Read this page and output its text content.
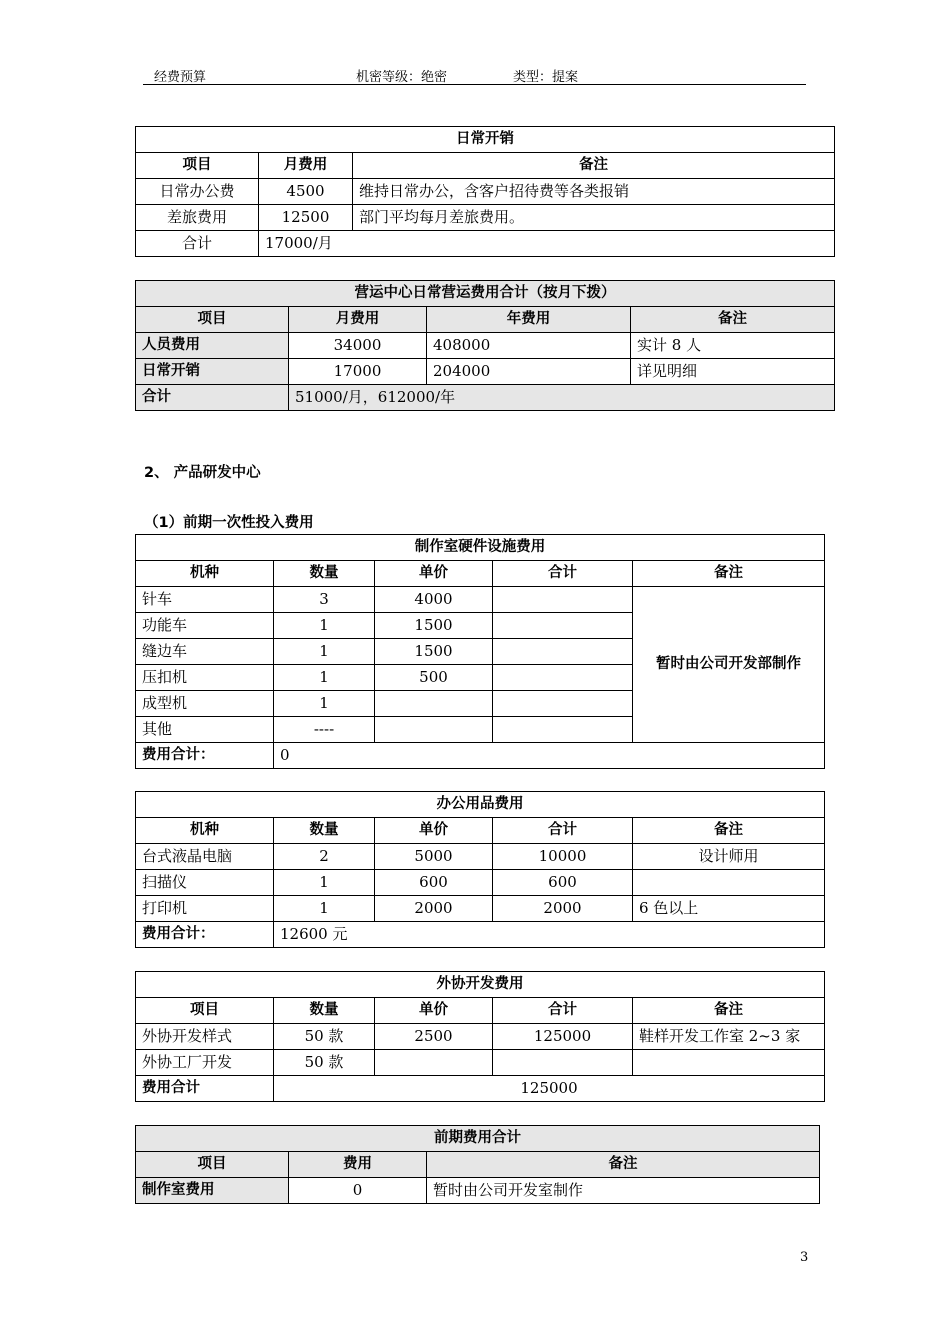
经费预算	机密等级：绝密	类型：提案
日常开销		
项目	月费用	备注
日常办公费	4500	维持日常办公，含客户招待费等各类报销
差旅费用	12500	部门平均每月差旅费用。
合计	17000/月	
营运中心日常营运费用合计（按月下拨）			
项目	月费用	年费用	备注
人员费用	34000	408000	实计 8 人
日常开销	17000	204000	详见明细
合计	51000/月，612000/年		
2、 产品研发中心
（1）前期一次性投入费用
制作室硬件设施费用				
机种	数量	单价	合计	备注
针车	3	4000		暂时由公司开发部制作
功能车	1	1500		
缝边车	1	1500		
压扣机	1	500		
成型机	1			
其他	----			
费用合计：	0			
办公用品费用				
机种	数量	单价	合计	备注
台式液晶电脑	2	5000	10000	设计师用
扫描仪	1	600	600	
打印机	1	2000	2000	6 色以上
费用合计：	12600 元			
外协开发费用				
项目	数量	单价	合计	备注
外协开发样式	50 款	2500	125000	鞋样开发工作室 2~3 家
外协工厂开发	50 款			
费用合计	125000			
前期费用合计		
项目	费用	备注
制作室费用	0	暂时由公司开发室制作
3
